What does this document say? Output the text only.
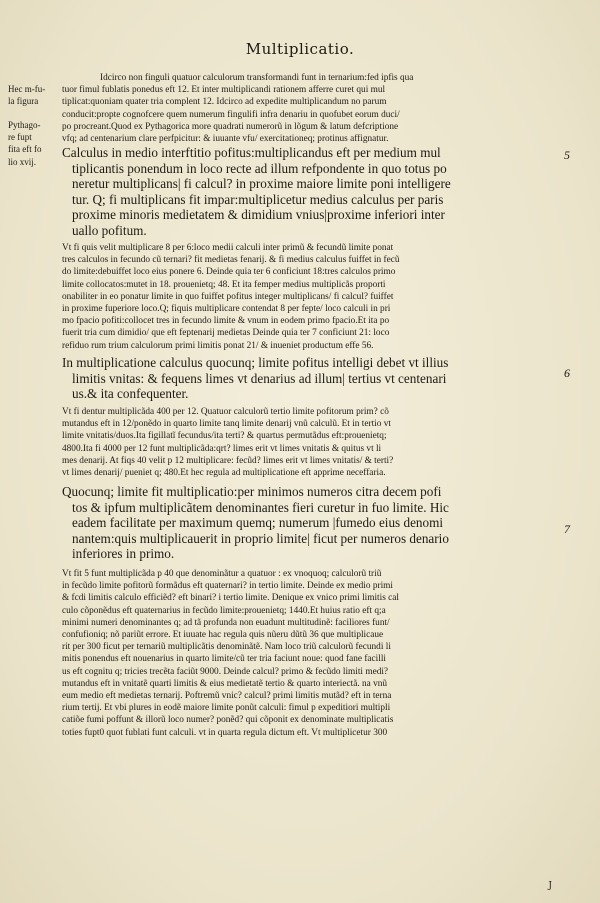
Multiplicatio.
Hec m-fu-
la figura
Pythago-
re fupt
fita eft fo
lio xvij.	5
6
7
Idcirco non finguli quatuor calculorum transformandi funt in ternarium:fed ipfis qua
tuor fimul fublatis ponedus eft 12. Et inter multiplicandi rationem afferre curet qui mul
tiplicat:quoniam quater tria complent 12. Idcirco ad expedite multiplicandum no parum
conducit:propte cognofcere quem numerum fingulifi infra denariu in quofubet eorum duci/
po procreant.Quod ex Pythagorica more quadrati numerorũ in lõgum & latum defcriptione
vfq; ad centenarium clare perfpicitur: & iuuante vfu/ exercitationeq; protinus affignatur.
Calculus in medio interftitio pofitus:multiplicandus eft per medium mul
tiplicantis ponendum in loco recte ad illum refpondente in quo totus po
neretur multiplicans| fi calcul? in proxime maiore limite poni intelligere
tur. Q; fi multiplicans fit impar:multiplicetur medius calculus per paris
proxime minoris medietatem & dimidium vnius|proxime inferiori inter
uallo pofitum.
Vt fi quis velit multiplicare 8 per 6:loco medii calculi inter primũ & fecundũ limite ponat
tres calculos in fecundo cũ ternari? fit medietas fenarij. & fi medius calculus fuiffet in fecũ
do limite:debuiffet loco eius ponere 6. Deinde quia ter 6 conficiunt 18:tres calculos primo
limite collocatos:mutet in 18. prouenietq; 48. Et ita femper medius multiplicãs proporti
onabiliter in eo ponatur limite in quo fuiffet pofitus integer multiplicans/ fi calcul? fuiffet
in proxime fuperiore loco.Q; fiquis multiplicare contendat 8 per fepte/ loco calculi in pri
mo fpacio pofiti:collocet tres in fecundo limite & vnum in eodem primo fpacio.Et ita po
fuerit tria cum dimidio/ que eft feptenarij medietas Deinde quia ter 7 conficiunt 21: loco
refiduo rum trium calculorum primi limitis ponat 21/ & inueniet productum effe 56.
In multiplicatione calculus quocunq; limite pofitus intelligi debet vt illius
limitis vnitas: & fequens limes vt denarius ad illum| tertius vt centenari
us.& ita confequenter.
Vt fi dentur multiplicãda 400 per 12. Quatuor calculorũ tertio limite pofitorum prim? cõ
mutandus eft in 12/ponẽdo in quarto limite tanq limite denarij vnũ calculũ. Et in tertio vt
limite vnitatis/duos.Ita figillatĩ fecundus/ita terti? & quartus permutãdus eft:prouenietq;
4800.Ita fi 4000 per 12 funt multiplicãda:qrt? limes erit vt limes vnitatis & quitus vt li
mes denarij. At fiqs 40 velit p 12 multiplicare: fecũd? limes erit vt limes vnitatis/ & terti?
vt limes denarij/ pueniet q; 480.Et hec regula ad multiplicatione eft apprime neceffaria.
Quocunq; limite fit multiplicatio:per minimos numeros citra decem pofi
tos & ipfum multiplicãtem denominantes fieri curetur in fuo limite. Hic
eadem facilitate per maximum quemq; numerum |fumedo eius denomi
nantem:quis multiplicauerit in proprio limite| ficut per numeros denario
inferiores in primo.
Vt fit 5 funt multiplicãda p 40 que denominãtur a quatuor : ex vnoquoq; calculorũ triũ
in fecũdo limite pofitorũ formãdus eft quaternari? in tertio limite. Deinde ex medio primi
& fcdi limitis calculo efficiẽd? eft binari? i tertio limite. Denique ex vnico primi limitis cal
culo cõponẽdus eft quaternarius in fecũdo limite:prouenietq; 1440.Et huius ratio eft q;a
minimi numeri denominantes q; ad tã profunda non euadunt multitudinẽ: faciliores funt/
confufioniq; nõ pariũt errore. Et iuuate hac regula quis nũeru dũtũ 36 que multiplicaue
rit per 300 ficut per ternariũ multiplicãtis denominãtẽ. Nam loco triũ calculorũ fecundi li
mitis ponendus eft nouenarius in quarto limite/cũ ter tria faciunt noue: quod fane facilli
us eft cognitu q; tricies trecẽta faciũt 9000. Deinde calcul? primo & fecũdo limiti medi?
mutandus eft in vnitatẽ quarti limitis & eius medietatẽ tertio & quarto interiectã. na vnũ
eum medio eft medietas ternarij. Poftremũ vnic? calcul? primi limitis mutãd? eft in terna
rium tertij. Et vbi plures in eodẽ maiore limite ponũt calculi: fimul p expeditiori multipli
catiõe fumi poffunt & illorũ loco numer? ponẽd? qui cõponit ex denominate multiplicatis
toties fupt0 quot fublati funt calculi. vt in quarta regula dictum eft. Vt multiplicetur 300
J
